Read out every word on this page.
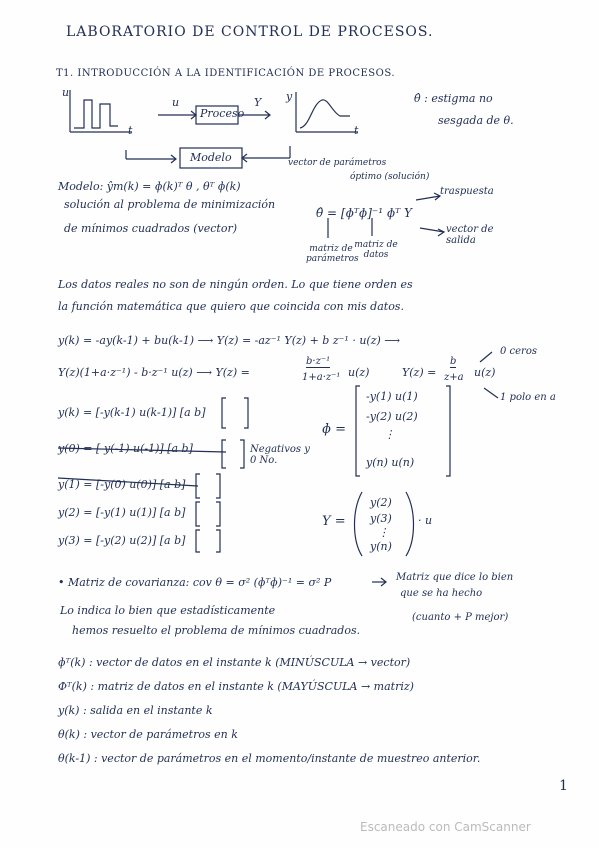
LABORATORIO DE CONTROL DE PROCESOS.
T1. INTRODUCCIÓN A LA IDENTIFICACIÓN DE PROCESOS.
u
t
u
Proceso
Y y
t
Modelo
θ̂ : estigma no
sesgada de θ.
vector de parámetros
óptimo (solución)
Modelo: ŷm(k) = ɸ(k)ᵀ θ , θᵀ ɸ(k)
solución al problema de minimización
de mínimos cuadrados (vector)
θ̂ = [ɸᵀɸ]⁻¹ ɸᵀ Y
traspuesta
vector de salida
matriz de parámetros
matriz de datos
Los datos reales no son de ningún orden. Lo que tiene orden es
la función matemática que quiero que coincida con mis datos.
y(k) = -ay(k-1) + bu(k-1) ⟶ Y(z) = -az⁻¹ Y(z) + b z⁻¹ · u(z) ⟶
0 ceros
Y(z)(1+a·z⁻¹) - b·z⁻¹ u(z) ⟶ Y(z) =
b·z⁻¹
1+a·z⁻¹ u(z)	Y(z) =
b
z+a u(z)
1 polo en a
y(k) = [-y(k-1) u(k-1)] [a b]
y(0) = [-y(-1) u(-1)] [a b]	Negativos y 0 No.
y(1) = [-y(0) u(0)] [a b]
y(2) = [-y(1) u(1)] [a b]
y(3) = [-y(2) u(2)] [a b]
ɸ =
-y(1) u(1)
-y(2) u(2)
⋮
y(n) u(n)
Y =
y(2)
y(3)
⋮
y(n)
· u
• Matriz de covarianza: cov θ = σ² (ɸᵀɸ)⁻¹ = σ² P	Matriz que dice lo bien
que se ha hecho
(cuanto + P mejor)
Lo indica lo bien que estadísticamente
hemos resuelto el problema de mínimos cuadrados.
ɸᵀ(k) : vector de datos en el instante k (MINÚSCULA → vector)
Φᵀ(k) : matriz de datos en el instante k (MAYÚSCULA → matriz)
y(k) : salida en el instante k
θ(k) : vector de parámetros en k
θ(k-1) : vector de parámetros en el momento/instante de muestreo anterior.
1
Escaneado con CamScanner
